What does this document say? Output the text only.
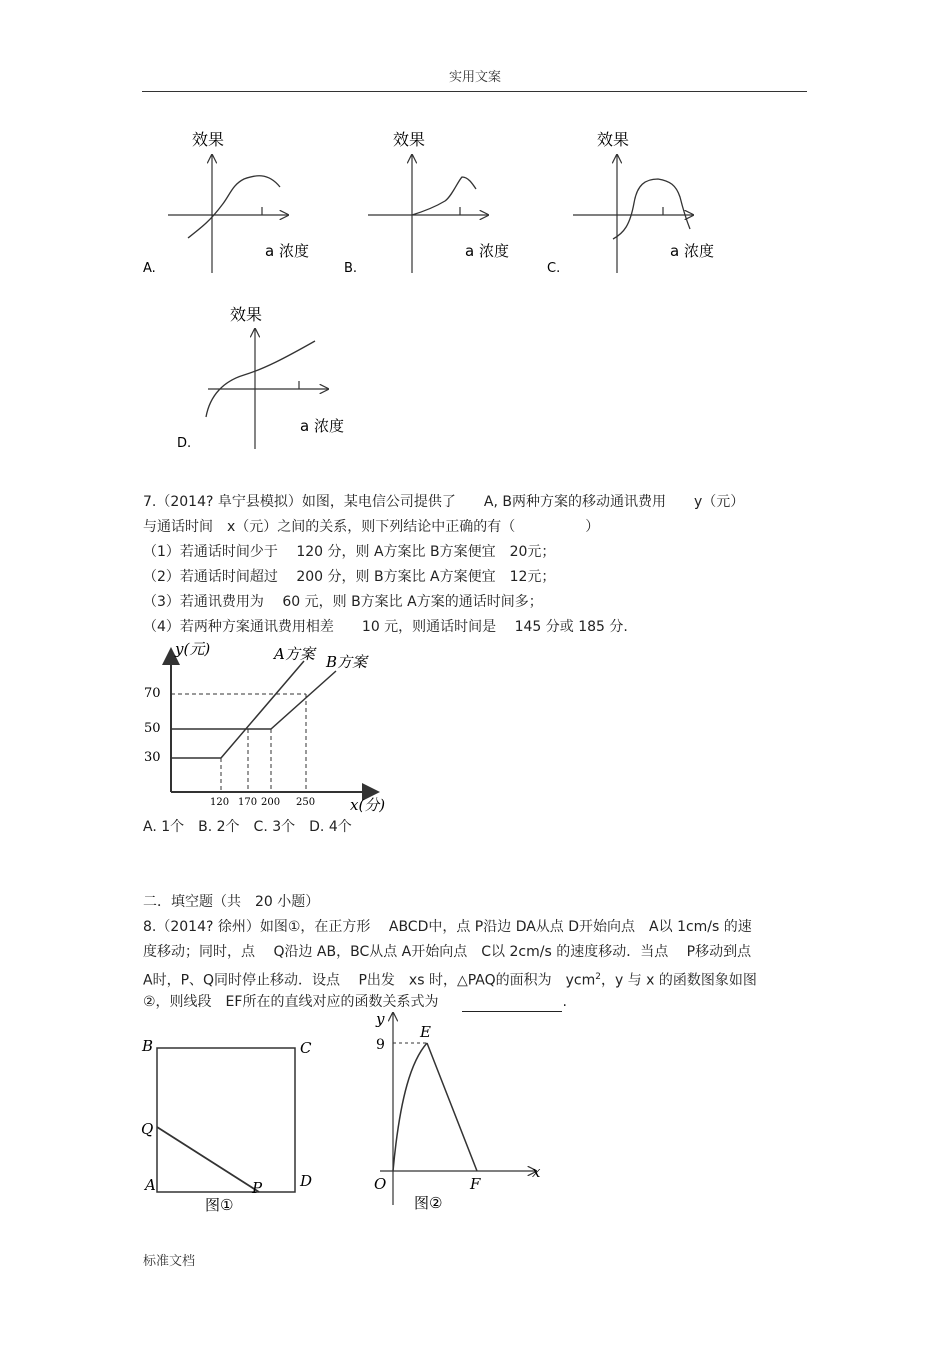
实用文案
标准文档
效果
a 浓度
A.
效果
a 浓度
B.
效果
a 浓度
C.
效果
a 浓度
D.
7.（2014? 阜宁县模拟）如图，某电信公司提供了　　A, B两种方案的移动通讯费用　　y（元）
与通话时间　x（元）之间的关系，则下列结论中正确的有（　　　　　）
（1）若通话时间少于　 120 分，则 A方案比 B方案便宜　20元；
（2）若通话时间超过　 200 分，则 B方案比 A方案便宜　12元；
（3）若通讯费用为　 60 元，则 B方案比 A方案的通话时间多；
（4）若两种方案通讯费用相差　　10 元，则通话时间是　 145 分或 185 分.
y(元)	A方案 B方案
70
50
30
120 170 200 250 x(分)
A. 1个　B. 2个　C. 3个　D. 4个
二．填空题（共　20 小题）
8.（2014? 徐州）如图①，在正方形　 ABCD中，点 P沿边 DA从点 D开始向点　A以 1cm/s 的速
度移动；同时，点　 Q沿边 AB，BC从点 A开始向点　C以 2cm/s 的速度移动．当点　 P移动到点
A时，P、Q同时停止移动．设点　 P出发　xs 时，△PAQ的面积为　ycm$^2$，y 与 x 的函数图象如图
②，则线段　EF所在的直线对应的函数关系式为	.
B	C
Q
A	P	D
图①
y
E
9
O	F
x
图②
